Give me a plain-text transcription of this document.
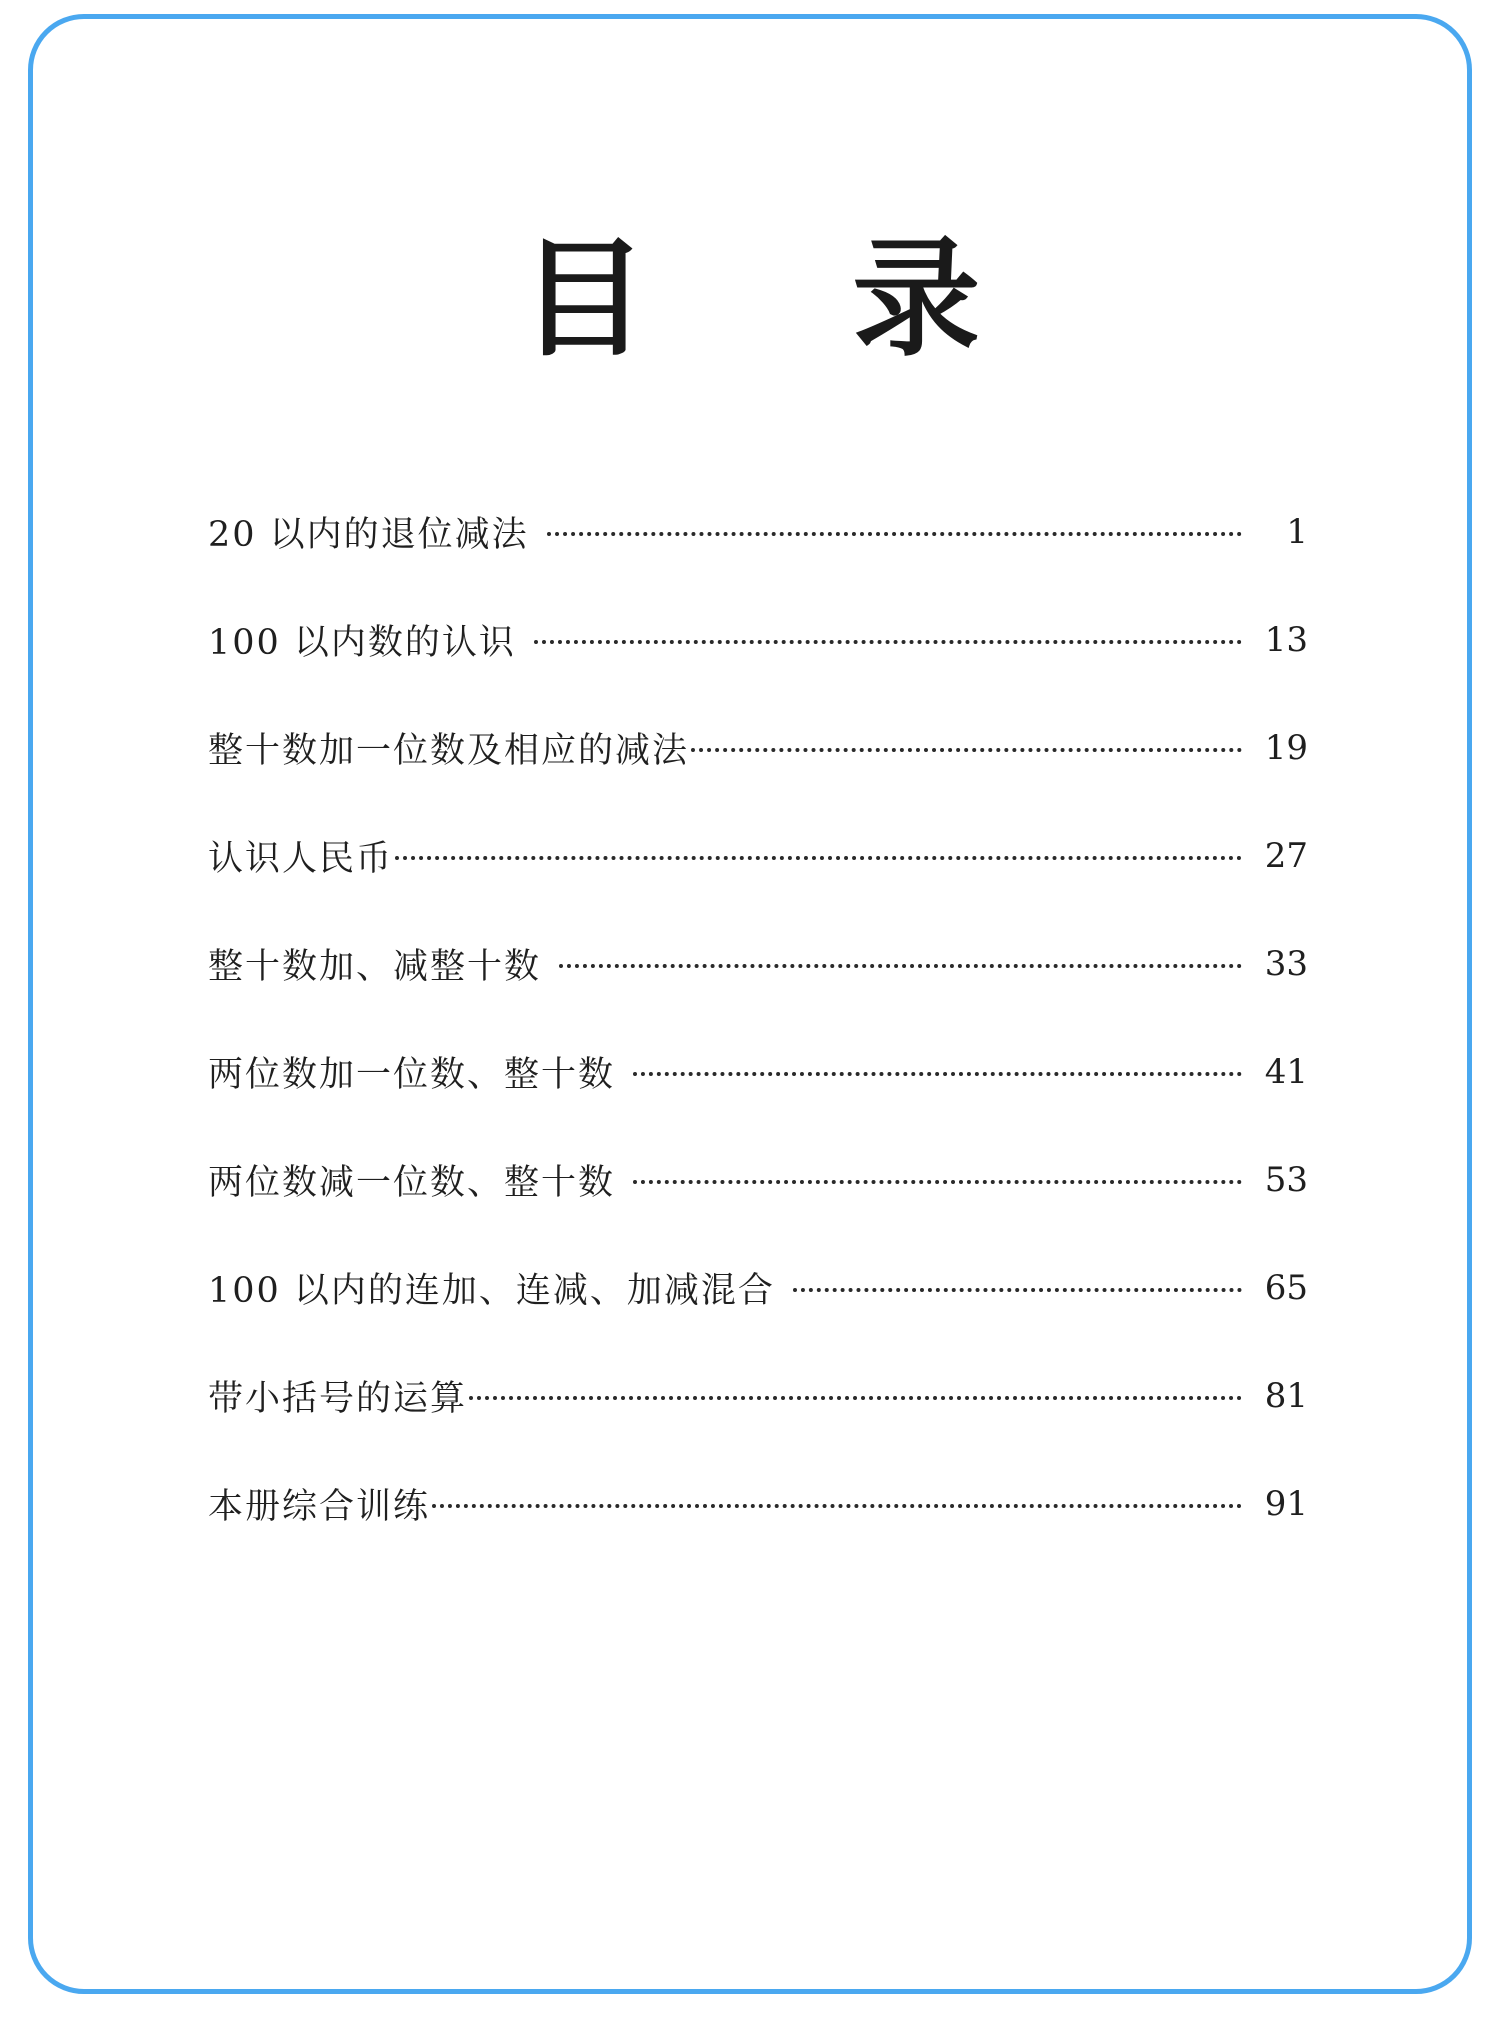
目 录
20 以内的退位减法	1
100 以内数的认识	13
整十数加一位数及相应的减法	19
认识人民币	27
整十数加、减整十数	33
两位数加一位数、整十数	41
两位数减一位数、整十数	53
100 以内的连加、连减、加减混合	65
带小括号的运算	81
本册综合训练	91
